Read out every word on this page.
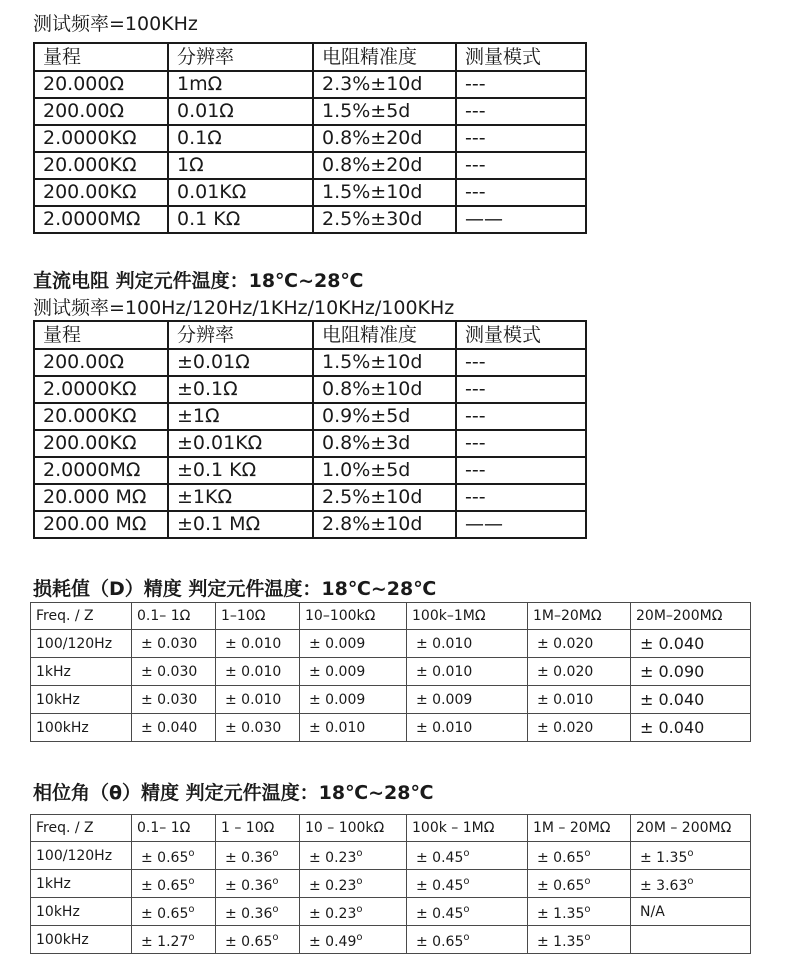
测试频率=100KHz
量程	分辨率	电阻精准度	测量模式
20.000Ω	1mΩ	2.3%±10d	---
200.00Ω	0.01Ω	1.5%±5d	---
2.0000KΩ	0.1Ω	0.8%±20d	---
20.000KΩ	1Ω	0.8%±20d	---
200.00KΩ	0.01KΩ	1.5%±10d	---
2.0000MΩ	0.1 KΩ	2.5%±30d	——
直流电阻 判定元件温度：18℃~28℃
测试频率=100Hz/120Hz/1KHz/10KHz/100KHz
量程	分辨率	电阻精准度	测量模式
200.00Ω	±0.01Ω	1.5%±10d	---
2.0000KΩ	±0.1Ω	0.8%±10d	---
20.000KΩ	±1Ω	0.9%±5d	---
200.00KΩ	±0.01KΩ	0.8%±3d	---
2.0000MΩ	±0.1 KΩ	1.0%±5d	---
20.000 MΩ	±1KΩ	2.5%±10d	---
200.00 MΩ	±0.1 MΩ	2.8%±10d	——
损耗值（D）精度 判定元件温度：18℃~28℃
Freq. / Z	0.1– 1Ω	1–10Ω	10–100kΩ	100k–1MΩ	1M–20MΩ	20M–200MΩ
100/120Hz	± 0.030	± 0.010	± 0.009	± 0.010	± 0.020	± 0.040
1kHz	± 0.030	± 0.010	± 0.009	± 0.010	± 0.020	± 0.090
10kHz	± 0.030	± 0.010	± 0.009	± 0.009	± 0.010	± 0.040
100kHz	± 0.040	± 0.030	± 0.010	± 0.010	± 0.020	± 0.040
相位角（θ）精度 判定元件温度：18℃~28℃
Freq. / Z	0.1– 1Ω	1 – 10Ω	10 – 100kΩ	100k – 1MΩ	1M – 20MΩ	20M – 200MΩ
100/120Hz	± $0.65^o$	± $0.36^o$	± $0.23^o$	± $0.45^o$	± $0.65^o$	± $1.35^o$
1kHz	± $0.65^o$	± $0.36^o$	± $0.23^o$	± $0.45^o$	± $0.65^o$	± $3.63^o$
10kHz	± $0.65^o$	± $0.36^o$	± $0.23^o$	± $0.45^o$	± $1.35^o$	N/A
100kHz	± $1.27^o$	± $0.65^o$	± $0.49^o$	± $0.65^o$	± $1.35^o$	
